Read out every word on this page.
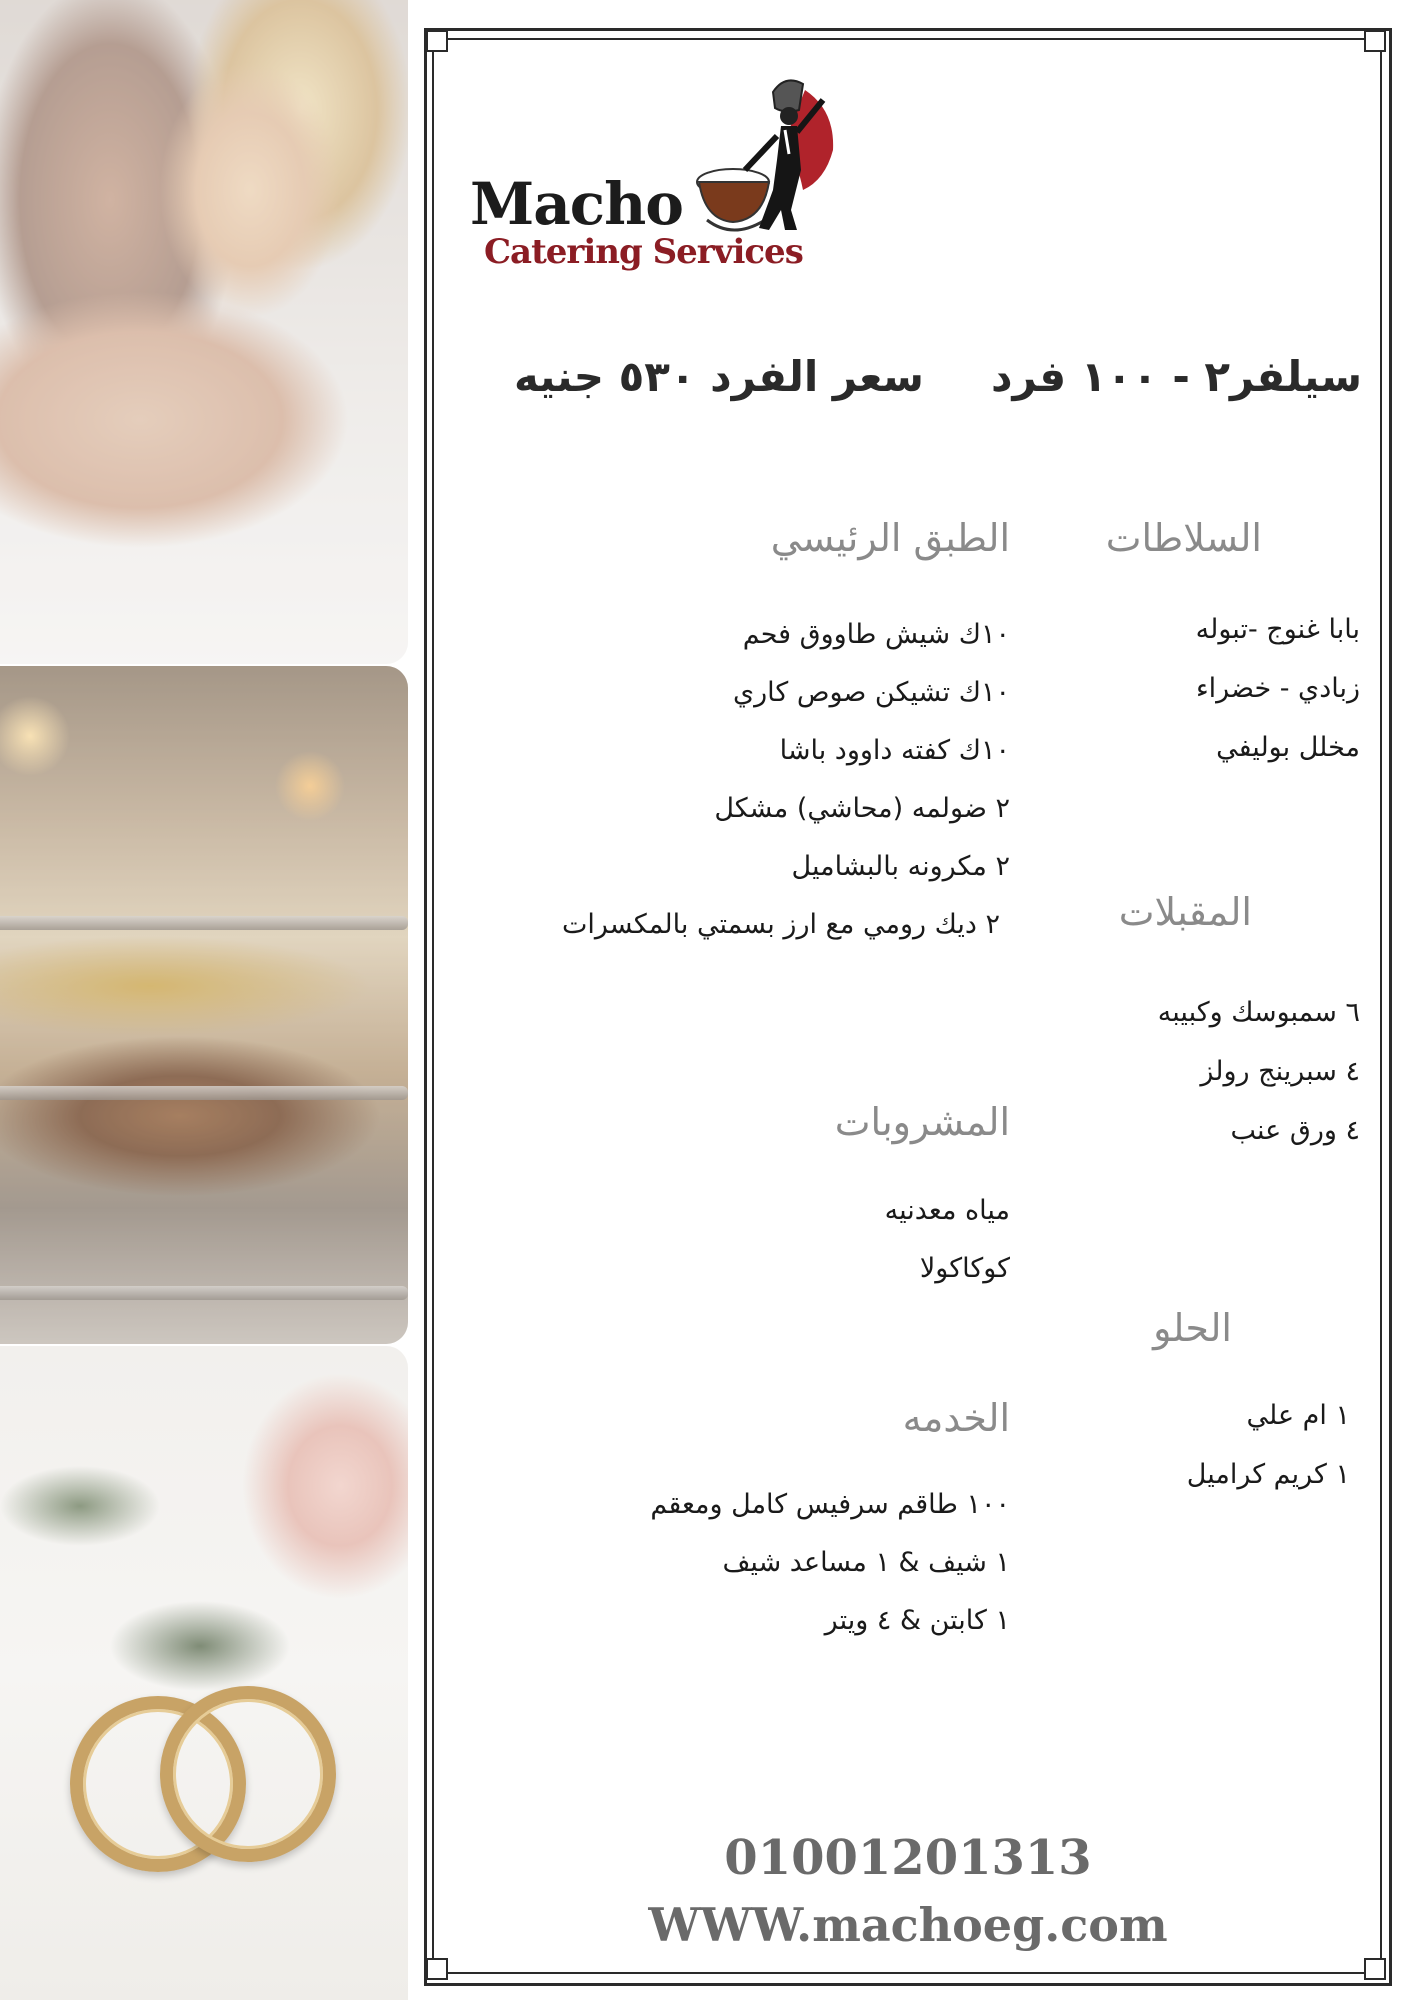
Macho
Catering Services
سيلفر٢ - ١٠٠ فرد
سعر الفرد ٥٣٠ جنيه
السلاطات
بابا غنوج -تبوله
زبادي - خضراء
مخلل بوليفي
المقبلات
٦ سمبوسك وكبيبه
٤ سبرينج رولز
٤ ورق عنب
الحلو
١ ام علي
١ كريم كراميل
الطبق الرئيسي
١٠ك شيش طاووق فحم
١٠ك تشيكن صوص كاري
١٠ك كفته داوود باشا
٢ ضولمه (محاشي) مشكل
٢ مكرونه بالبشاميل
٢ ديك رومي مع ارز بسمتي بالمكسرات
المشروبات
مياه معدنيه
كوكاكولا
الخدمه
١٠٠ طاقم سرفيس كامل ومعقم
١ شيف & ١ مساعد شيف
١ كابتن & ٤ ويتر
01001201313
WWW.machoeg.com
